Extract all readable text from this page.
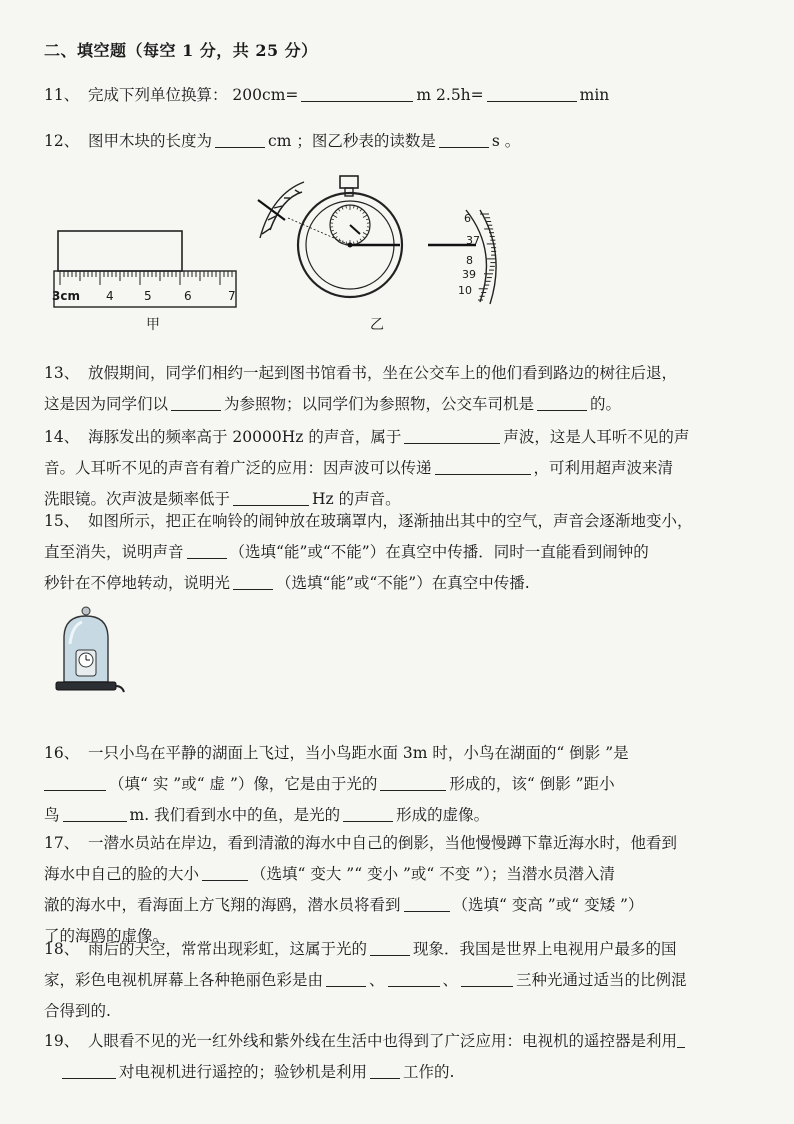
二、填空题（每空 1 分，共 25 分）
11、 完成下列单位换算： 200cm=	m 2.5h=	min
12、 图甲木块的长度为	cm ；图乙秒表的读数是	s 。
3cm 4	5	6	7
甲
6
37
8
39
10
乙
13、 放假期间，同学们相约一起到图书馆看书，坐在公交车上的他们看到路边的树往后退，
这是因为同学们以	为参照物；以同学们为参照物，公交车司机是	的。
14、 海豚发出的频率高于 20000Hz 的声音，属于	声波，这是人耳听不见的声
音。人耳听不见的声音有着广泛的应用：因声波可以传递	，可利用超声波来清
洗眼镜。次声波是频率低于	Hz 的声音。
15、 如图所示，把正在响铃的闹钟放在玻璃罩内，逐渐抽出其中的空气，声音会逐渐地变小，
直至消失，说明声音	（选填“能”或“不能”）在真空中传播．同时一直能看到闹钟的
秒针在不停地转动，说明光	（选填“能”或“不能”）在真空中传播.
16、 一只小鸟在平静的湖面上飞过，当小鸟距水面 3m 时，小鸟在湖面的“ 倒影 ”是
（填“ 实 ”或“ 虚 ”）像，它是由于光的	形成的，该“ 倒影 ”距小
鸟	m. 我们看到水中的鱼，是光的	形成的虚像。
17、 一潜水员站在岸边，看到清澈的海水中自己的倒影，当他慢慢蹲下靠近海水时，他看到
海水中自己的脸的大小	（选填“ 变大 ”“ 变小 ”或“ 不变 ”）；当潜水员潜入清
澈的海水中，看海面上方飞翔的海鸥，潜水员将看到	（选填“ 变高 ”或“ 变矮 ”）
了的海鸥的虚像。
18、 雨后的天空，常常出现彩虹，这属于光的	现象．我国是世界上电视用户最多的国
家，彩色电视机屏幕上各种艳丽色彩是由	、	、	三种光通过适当的比例混
合得到的.
19、 人眼看不见的光一红外线和紫外线在生活中也得到了广泛应用：电视机的遥控器是利用
对电视机进行遥控的；验钞机是利用 工作的.
